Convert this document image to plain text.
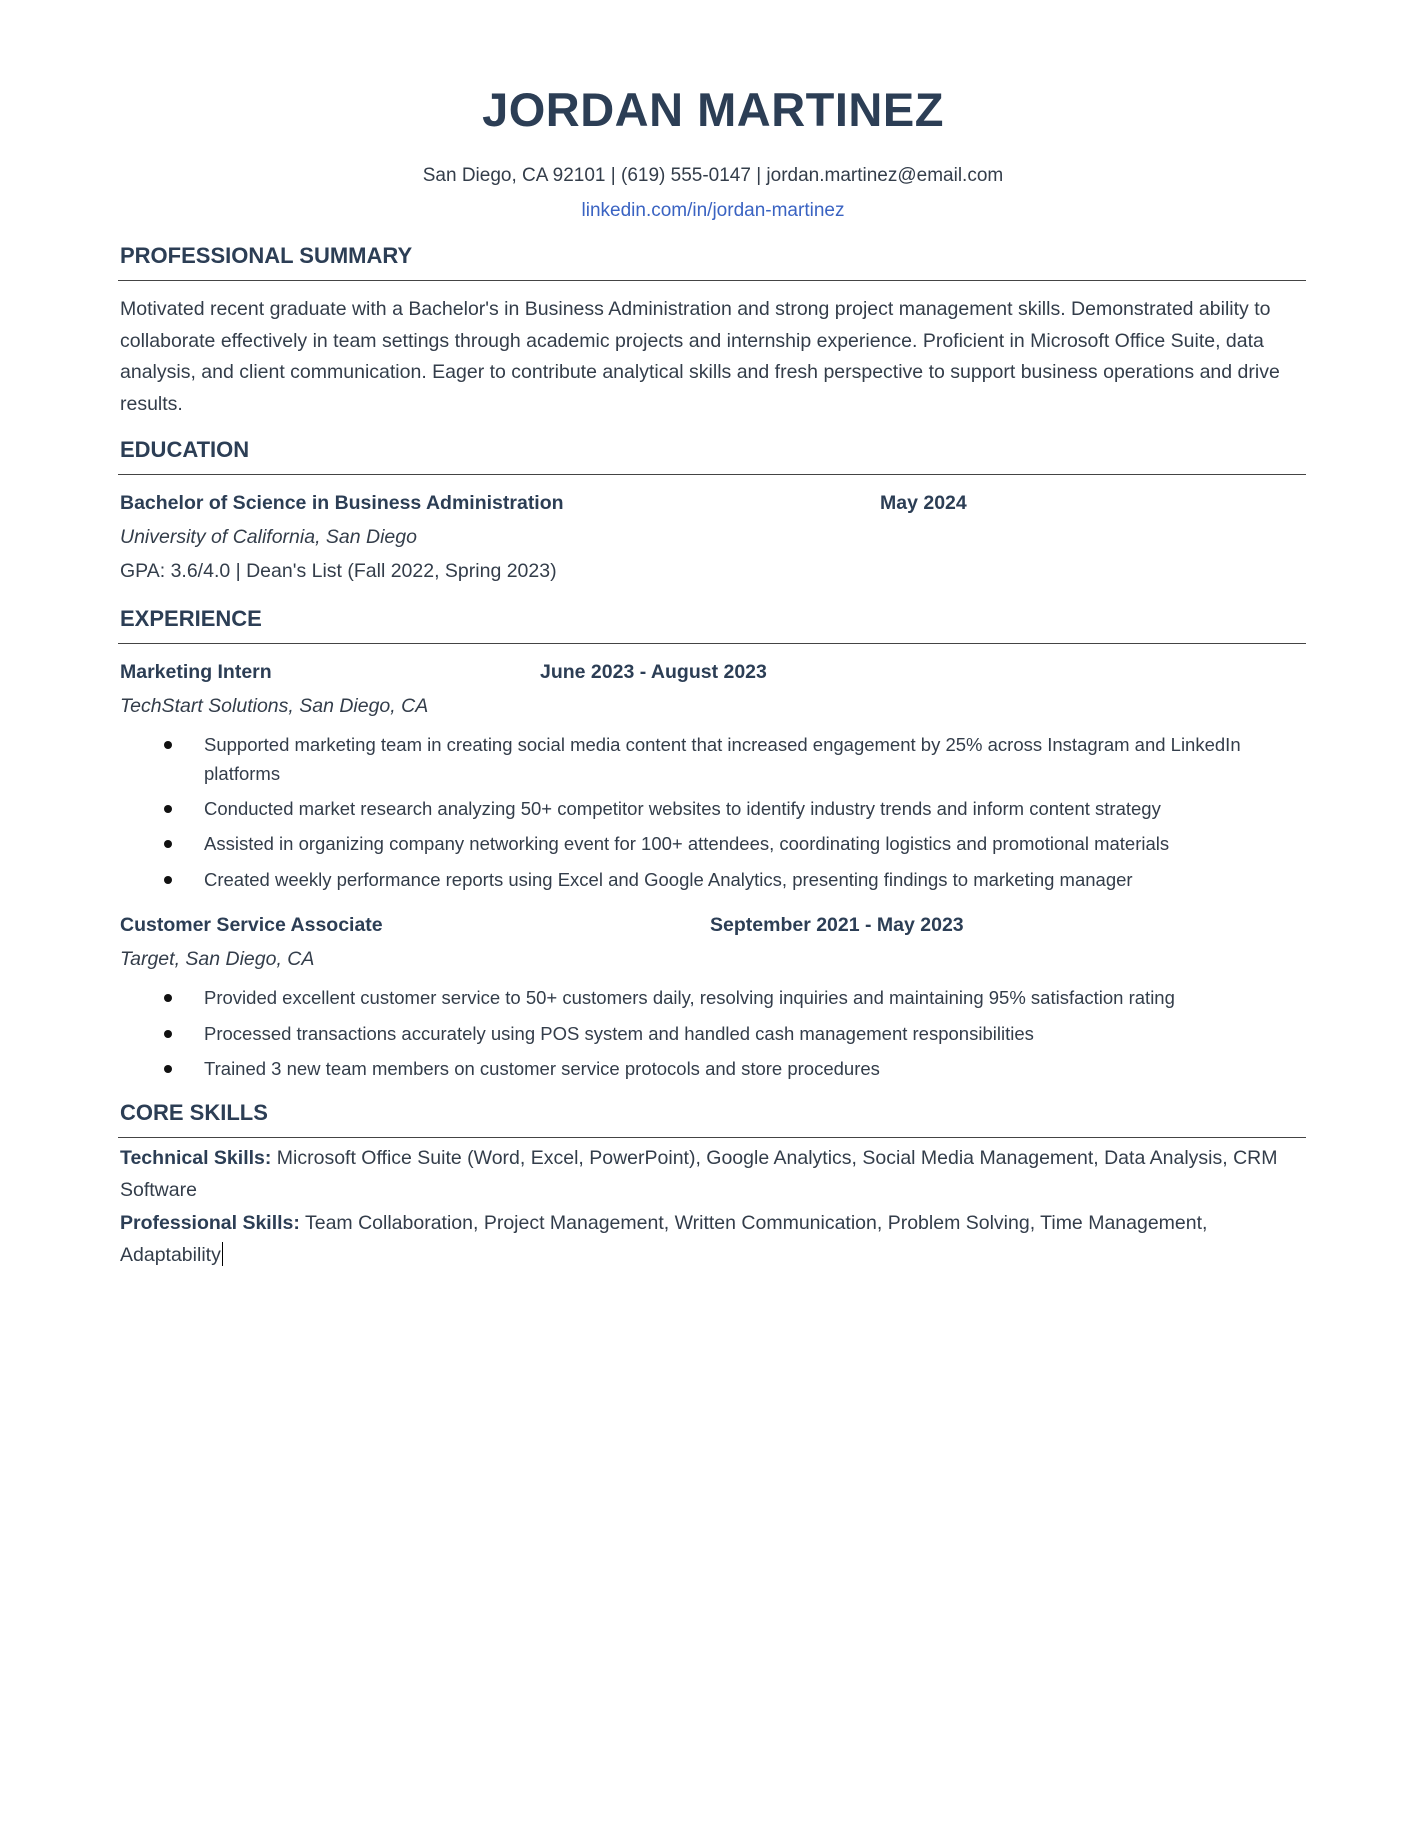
JORDAN MARTINEZ
San Diego, CA 92101 | (619) 555-0147 | jordan.martinez@email.com
linkedin.com/in/jordan-martinez
PROFESSIONAL SUMMARY
Motivated recent graduate with a Bachelor's in Business Administration and strong project management skills. Demonstrated ability to collaborate effectively in team settings through academic projects and internship experience. Proficient in Microsoft Office Suite, data analysis, and client communication. Eager to contribute analytical skills and fresh perspective to support business operations and drive results.
EDUCATION
Bachelor of Science in Business Administration	May 2024
University of California, San Diego
GPA: 3.6/4.0 | Dean's List (Fall 2022, Spring 2023)
EXPERIENCE
Marketing Intern	June 2023 - August 2023
TechStart Solutions, San Diego, CA
Supported marketing team in creating social media content that increased engagement by 25% across Instagram and LinkedIn platforms
Conducted market research analyzing 50+ competitor websites to identify industry trends and inform content strategy
Assisted in organizing company networking event for 100+ attendees, coordinating logistics and promotional materials
Created weekly performance reports using Excel and Google Analytics, presenting findings to marketing manager
Customer Service Associate	September 2021 - May 2023
Target, San Diego, CA
Provided excellent customer service to 50+ customers daily, resolving inquiries and maintaining 95% satisfaction rating
Processed transactions accurately using POS system and handled cash management responsibilities
Trained 3 new team members on customer service protocols and store procedures
CORE SKILLS
Technical Skills: Microsoft Office Suite (Word, Excel, PowerPoint), Google Analytics, Social Media Management, Data Analysis, CRM Software
Professional Skills: Team Collaboration, Project Management, Written Communication, Problem Solving, Time Management, Adaptability
